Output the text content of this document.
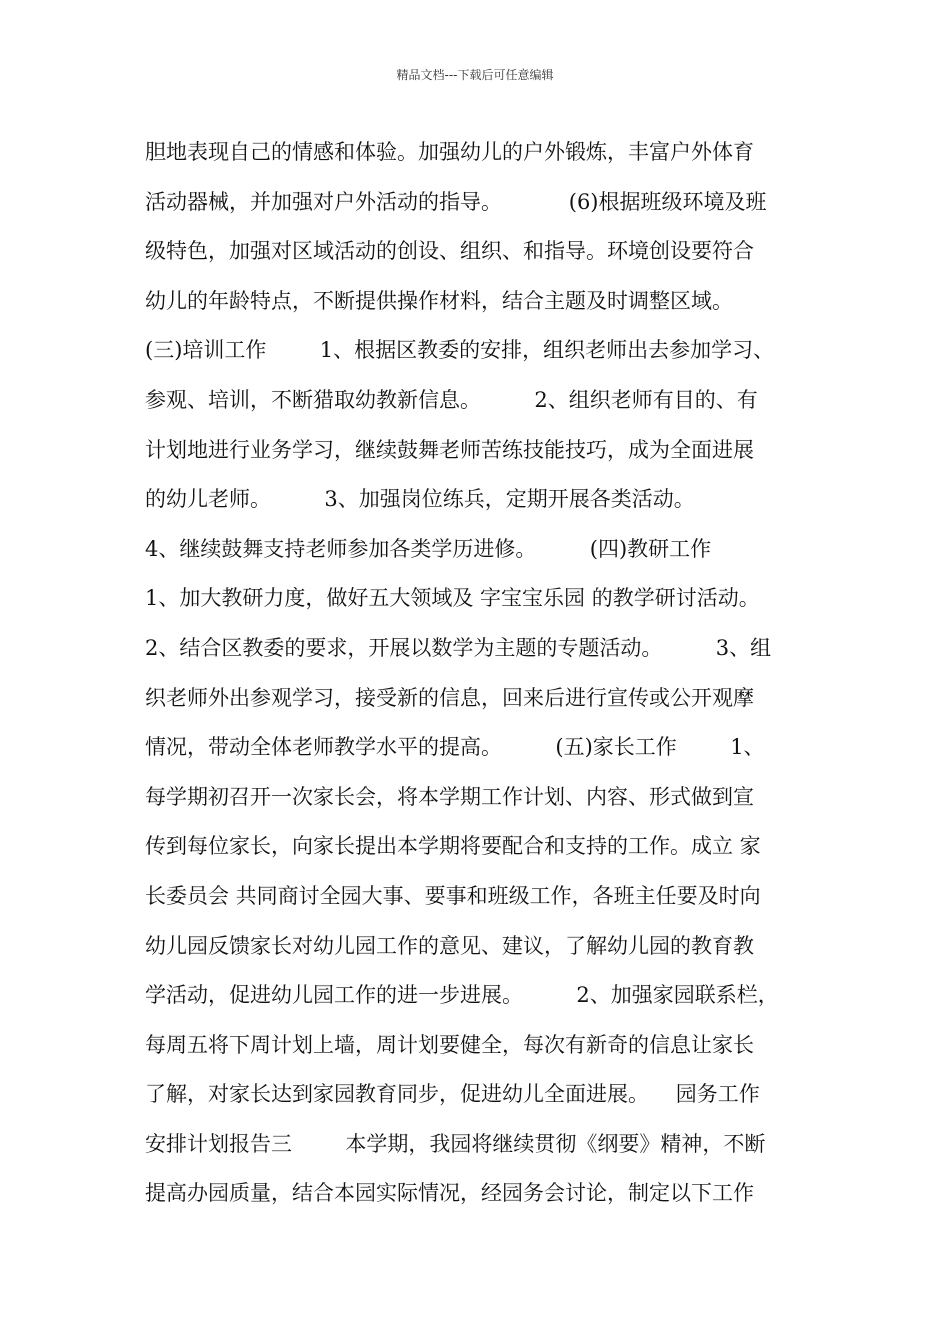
精品文档---下载后可任意编辑
胆地表现自己的情感和体验。加强幼儿的户外锻炼，丰富户外体育
活动器械，并加强对户外活动的指导。          (6)根据班级环境及班
级特色，加强对区域活动的创设、组织、和指导。环境创设要符合
幼儿的年龄特点，不断提供操作材料，结合主题及时调整区域。
(三)培训工作        1、根据区教委的安排，组织老师出去参加学习、
参观、培训，不断猎取幼教新信息。        2、组织老师有目的、有
计划地进行业务学习，继续鼓舞老师苦练技能技巧，成为全面进展
的幼儿老师。        3、加强岗位练兵，定期开展各类活动。
4、继续鼓舞支持老师参加各类学历进修。        (四)教研工作
1、加大教研力度，做好五大领域及 字宝宝乐园 的教学研讨活动。
2、结合区教委的要求，开展以数学为主题的专题活动。        3、组
织老师外出参观学习，接受新的信息，回来后进行宣传或公开观摩
情况，带动全体老师教学水平的提高。        (五)家长工作        1、
每学期初召开一次家长会，将本学期工作计划、内容、形式做到宣
传到每位家长，向家长提出本学期将要配合和支持的工作。成立 家
长委员会 共同商讨全园大事、要事和班级工作，各班主任要及时向
幼儿园反馈家长对幼儿园工作的意见、建议，了解幼儿园的教育教
学活动，促进幼儿园工作的进一步进展。        2、加强家园联系栏，
每周五将下周计划上墙，周计划要健全，每次有新奇的信息让家长
了解，对家长达到家园教育同步，促进幼儿全面进展。    园务工作
安排计划报告三        本学期，我园将继续贯彻《纲要》精神，不断
提高办园质量，结合本园实际情况，经园务会讨论，制定以下工作
